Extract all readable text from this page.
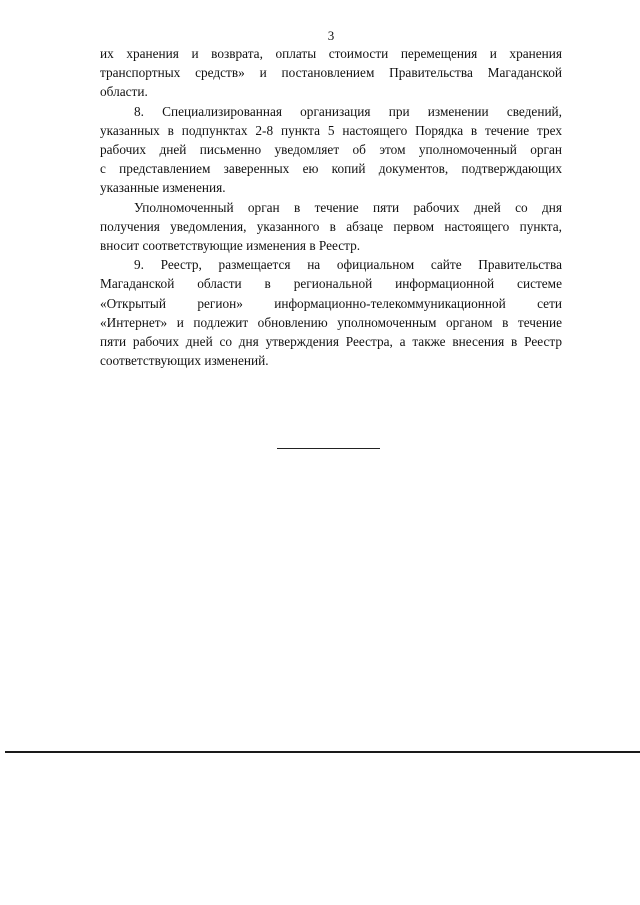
3

их хранения и возврата, оплаты стоимости перемещения и хранения
транспортных средств» и постановлением Правительства Магаданской
области.

8. Специализированная организация при изменении сведений,
указанных в подпунктах 2-8 пункта 5 настоящего Порядка в течение трех
рабочих дней письменно уведомляет об этом уполномоченный орган
с представлением заверенных ею копий документов, подтверждающих
указанные изменения.

Уполномоченный орган в течение пяти рабочих дней со дня
получения уведомления, указанного в абзаце первом настоящего пункта,
вносит соответствующие изменения в Реестр.

9. Реестр, размещается на официальном сайте Правительства
Магаданской области в региональной информационной системе
«Открытый регион» информационно-телекоммуникационной сети
«Интернет» и подлежит обновлению уполномоченным органом в течение
пяти рабочих дней со дня утверждения Реестра, а также внесения в Реестр
соответствующих изменений.
